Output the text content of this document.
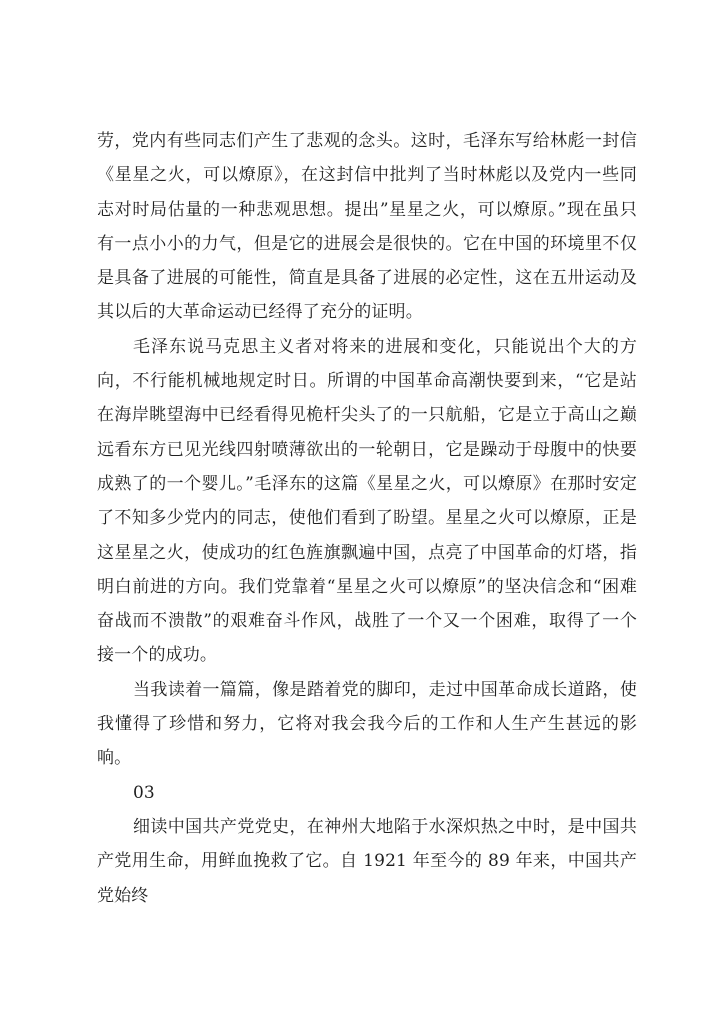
劳，党内有些同志们产生了悲观的念头。这时，毛泽东写给林彪一封信《星星之火，可以燎原》，在这封信中批判了当时林彪以及党内一些同志对时局估量的一种悲观思想。提出”星星之火，可以燎原。”现在虽只有一点小小的力气，但是它的进展会是很快的。它在中国的环境里不仅是具备了进展的可能性，简直是具备了进展的必定性，这在五卅运动及其以后的大革命运动已经得了充分的证明。

毛泽东说马克思主义者对将来的进展和变化，只能说出个大的方向，不行能机械地规定时日。所谓的中国革命高潮快要到来，“它是站在海岸眺望海中已经看得见桅杆尖头了的一只航船，它是立于高山之巅远看东方已见光线四射喷薄欲出的一轮朝日，它是躁动于母腹中的快要成熟了的一个婴儿。”毛泽东的这篇《星星之火，可以燎原》在那时安定了不知多少党内的同志，使他们看到了盼望。星星之火可以燎原，正是这星星之火，使成功的红色旌旗飘遍中国，点亮了中国革命的灯塔，指明白前进的方向。我们党靠着“星星之火可以燎原”的坚决信念和“困难奋战而不溃散”的艰难奋斗作风，战胜了一个又一个困难，取得了一个接一个的成功。

当我读着一篇篇，像是踏着党的脚印，走过中国革命成长道路，使我懂得了珍惜和努力，它将对我会我今后的工作和人生产生甚远的影响。

03

细读中国共产党党史，在神州大地陷于水深炽热之中时，是中国共产党用生命，用鲜血挽救了它。自 1921 年至今的 89 年来，中国共产党始终
